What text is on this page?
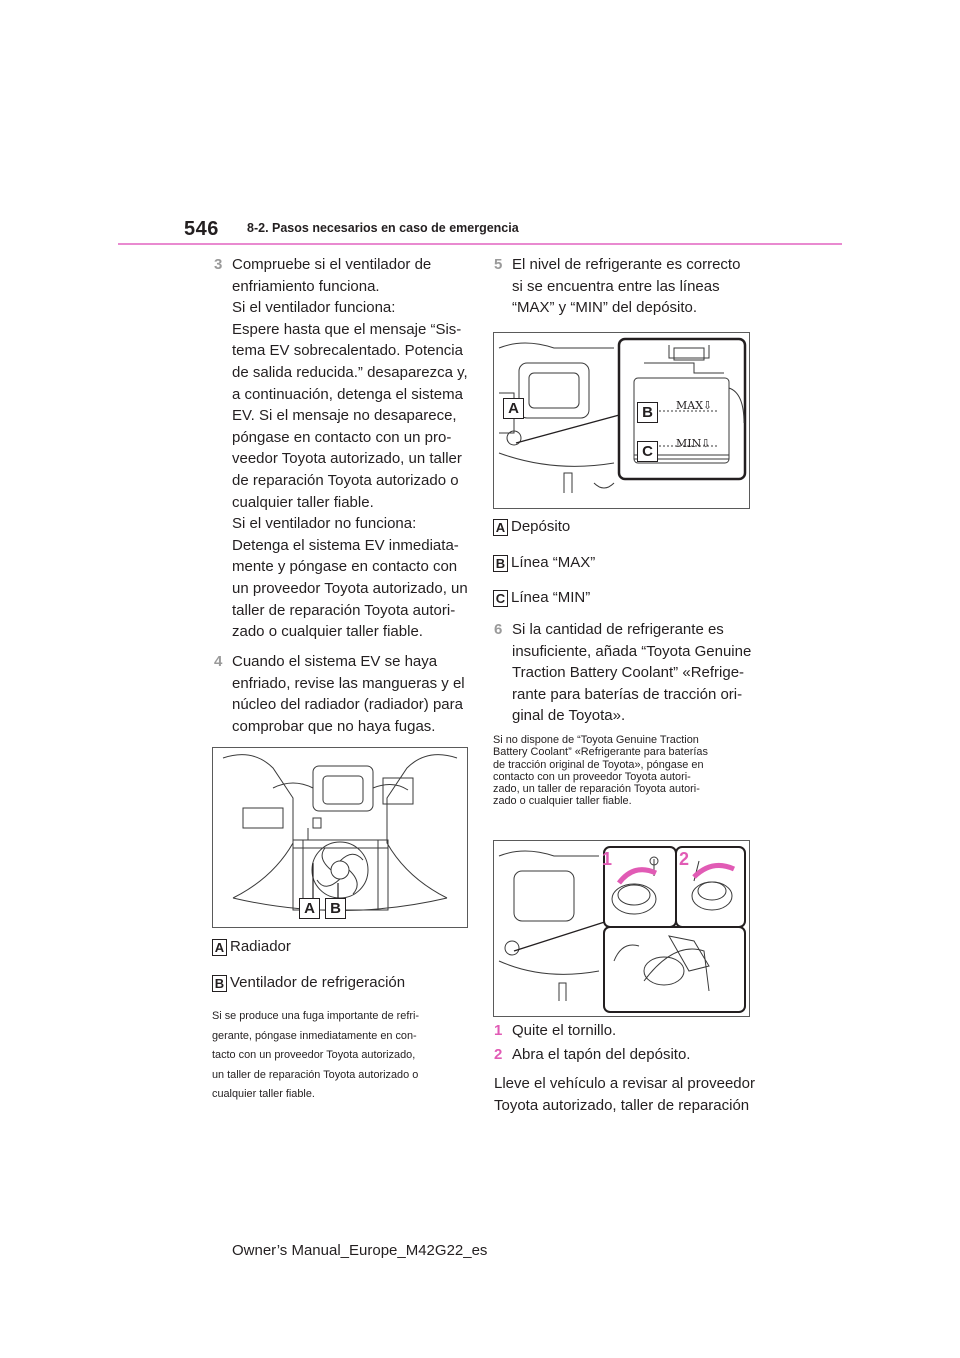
546 8-2. Pasos necesarios en caso de emergencia
3 Compruebe si el ventilador de
enfriamiento funciona.
Si el ventilador funciona:
Espere hasta que el mensaje “Sis-
tema EV sobrecalentado. Potencia
de salida reducida.” desaparezca y,
a continuación, detenga el sistema
EV. Si el mensaje no desaparece,
póngase en contacto con un pro-
veedor Toyota autorizado, un taller
de reparación Toyota autorizado o
cualquier taller fiable.
Si el ventilador no funciona:
Detenga el sistema EV inmediata-
mente y póngase en contacto con
un proveedor Toyota autorizado, un
taller de reparación Toyota autori-
zado o cualquier taller fiable.
4 Cuando el sistema EV se haya
enfriado, revise las mangueras y el
núcleo del radiador (radiador) para
comprobar que no haya fugas.
A	B
A Radiador
B Ventilador de refrigeración
Si se produce una fuga importante de refri-
gerante, póngase inmediatamente en con-
tacto con un proveedor Toyota autorizado,
un taller de reparación Toyota autorizado o
cualquier taller fiable.
5 El nivel de refrigerante es correcto
si se encuentra entre las líneas
“MAX” y “MIN” del depósito.
A	B
C
MAX⇩
MIN⇩
A Depósito
B Línea “MAX”
C Línea “MIN”
6 Si la cantidad de refrigerante es
insuficiente, añada “Toyota Genuine
Traction Battery Coolant” «Refrige-
rante para baterías de tracción ori-
ginal de Toyota».
Si no dispone de “Toyota Genuine Traction
Battery Coolant” «Refrigerante para baterías
de tracción original de Toyota», póngase en
contacto con un proveedor Toyota autori-
zado, un taller de reparación Toyota autori-
zado o cualquier taller fiable.
1	2
1 Quite el tornillo.
2 Abra el tapón del depósito.
Lleve el vehículo a revisar al proveedor
Toyota autorizado, taller de reparación
Owner’s Manual_Europe_M42G22_es
